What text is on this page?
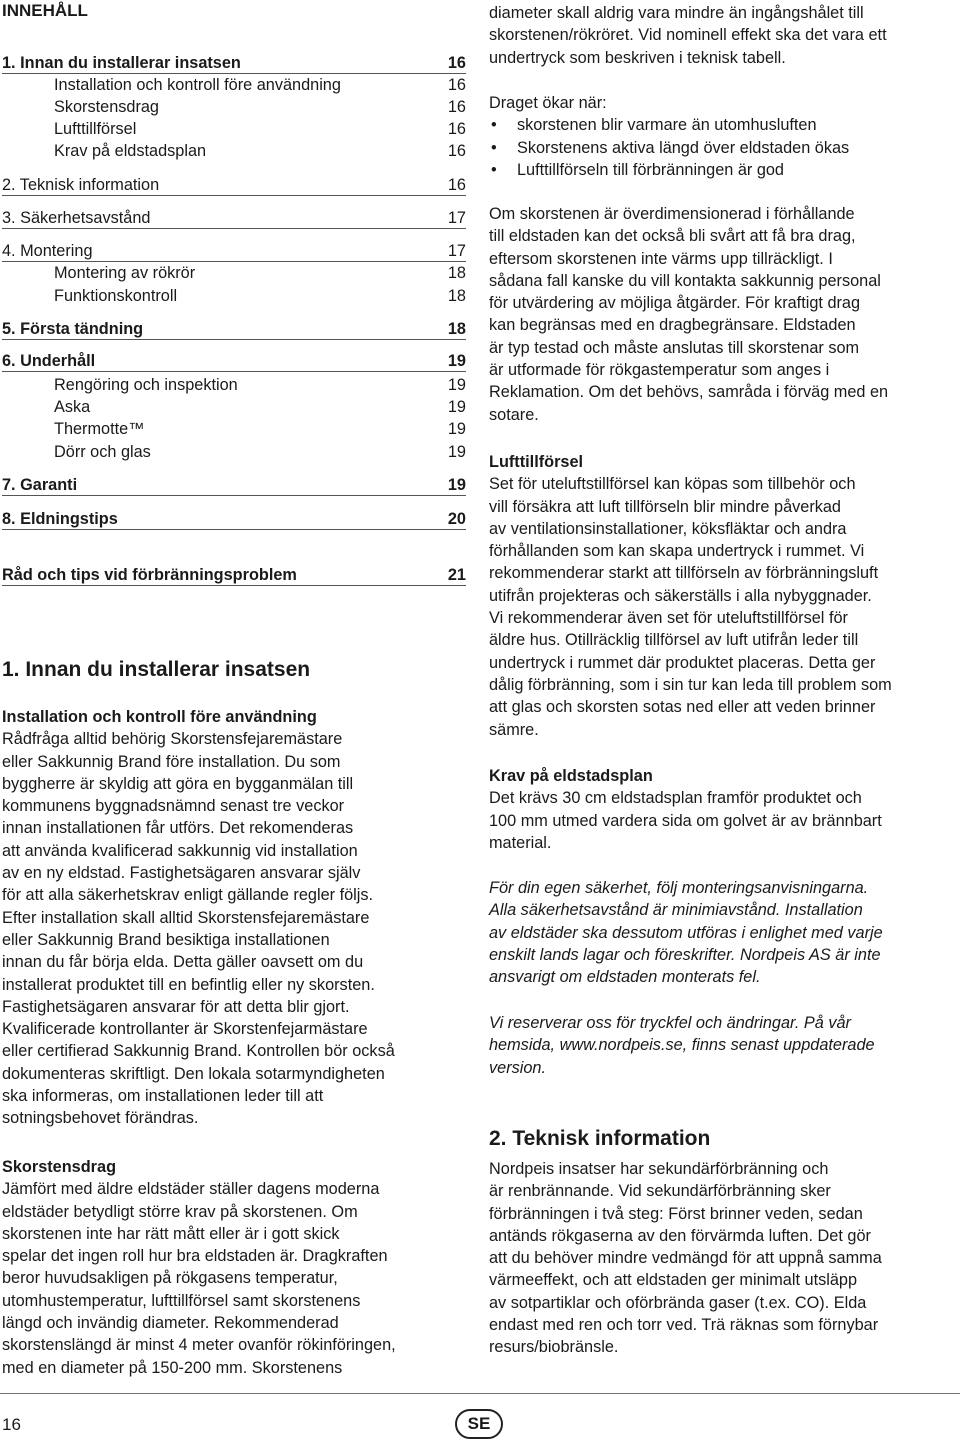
INNEHÅLL
1. Innan du installerar insatsen	16
Installation och kontroll före användning	16
Skorstensdrag	16
Lufttillförsel	16
Krav på eldstadsplan	16
2. Teknisk information	16
3. Säkerhetsavstånd	17
4. Montering	17
Montering av rökrör	18
Funktionskontroll	18
5. Första tändning	18
6. Underhåll	19
Rengöring och inspektion	19
Aska	19
Thermotte™	19
Dörr och glas	19
7. Garanti	19
8. Eldningstips	20
Råd och tips vid förbränningsproblem	21
1. Innan du installerar insatsen
Installation och kontroll före användning
Rådfråga alltid behörig Skorstensfejaremästare
eller Sakkunnig Brand före installation. Du som
byggherre är skyldig att göra en bygganmälan till
kommunens byggnadsnämnd senast tre veckor
innan installationen får utförs. Det rekomenderas
att använda kvalificerad sakkunnig vid installation
av en ny eldstad. Fastighetsägaren ansvarar själv
för att alla säkerhetskrav enligt gällande regler följs.
Efter installation skall alltid Skorstensfejaremästare
eller Sakkunnig Brand besiktiga installationen
innan du får börja elda. Detta gäller oavsett om du
installerat produktet till en befintlig eller ny skorsten.
Fastighetsägaren ansvarar för att detta blir gjort.
Kvalificerade kontrollanter är Skorstenfejarmästare
eller certifierad Sakkunnig Brand. Kontrollen bör också
dokumenteras skriftligt. Den lokala sotarmyndigheten
ska informeras, om installationen leder till att
sotningsbehovet förändras.
Skorstensdrag
Jämfört med äldre eldstäder ställer dagens moderna
eldstäder betydligt större krav på skorstenen. Om
skorstenen inte har rätt mått eller är i gott skick
spelar det ingen roll hur bra eldstaden är. Dragkraften
beror huvudsakligen på rökgasens temperatur,
utomhustemperatur, lufttillförsel samt skorstenens
längd och invändig diameter. Rekommenderad
skorstenslängd är minst 4 meter ovanför rökinföringen,
med en diameter på 150-200 mm. Skorstenens
diameter skall aldrig vara mindre än ingångshålet till
skorstenen/rökröret. Vid nominell effekt ska det vara ett
undertryck som beskriven i teknisk tabell.
Draget ökar när:
• skorstenen blir varmare än utomhusluften
• Skorstenens aktiva längd över eldstaden ökas
• Lufttillförseln till förbränningen är god
Om skorstenen är överdimensionerad i förhållande
till eldstaden kan det också bli svårt att få bra drag,
eftersom skorstenen inte värms upp tillräckligt. I
sådana fall kanske du vill kontakta sakkunnig personal
för utvärdering av möjliga åtgärder. För kraftigt drag
kan begränsas med en dragbegränsare. Eldstaden
är typ testad och måste anslutas till skorstenar som
är utformade för rökgastemperatur som anges i
Reklamation. Om det behövs, samråda i förväg med en
sotare.
Lufttillförsel
Set för uteluftstillförsel kan köpas som tillbehör och
vill försäkra att luft tillförseln blir mindre påverkad
av ventilationsinstallationer, köksfläktar och andra
förhållanden som kan skapa undertryck i rummet. Vi
rekommenderar starkt att tillförseln av förbränningsluft
utifrån projekteras och säkerställs i alla nybyggnader.
Vi rekommenderar även set för uteluftstillförsel för
äldre hus. Otillräcklig tillförsel av luft utifrån leder till
undertryck i rummet där produktet placeras. Detta ger
dålig förbränning, som i sin tur kan leda till problem som
att glas och skorsten sotas ned eller att veden brinner
sämre.
Krav på eldstadsplan
Det krävs 30 cm eldstadsplan framför produktet och
100 mm utmed vardera sida om golvet är av brännbart
material.
För din egen säkerhet, följ monteringsanvisningarna.
Alla säkerhetsavstånd är minimiavstånd. Installation
av eldstäder ska dessutom utföras i enlighet med varje
enskilt lands lagar och föreskrifter. Nordpeis AS är inte
ansvarigt om eldstaden monterats fel.
Vi reserverar oss för tryckfel och ändringar. På vår
hemsida, www.nordpeis.se, finns senast uppdaterade
version.
2. Teknisk information
Nordpeis insatser har sekundärförbränning och
är renbrännande. Vid sekundärförbränning sker
förbränningen i två steg: Först brinner veden, sedan
antänds rökgaserna av den förvärmda luften. Det gör
att du behöver mindre vedmängd för att uppnå samma
värmeeffekt, och att eldstaden ger minimalt utsläpp
av sotpartiklar och oförbrända gaser (t.ex. CO). Elda
endast med ren och torr ved. Trä räknas som förnybar
resurs/biobränsle.
16	SE
